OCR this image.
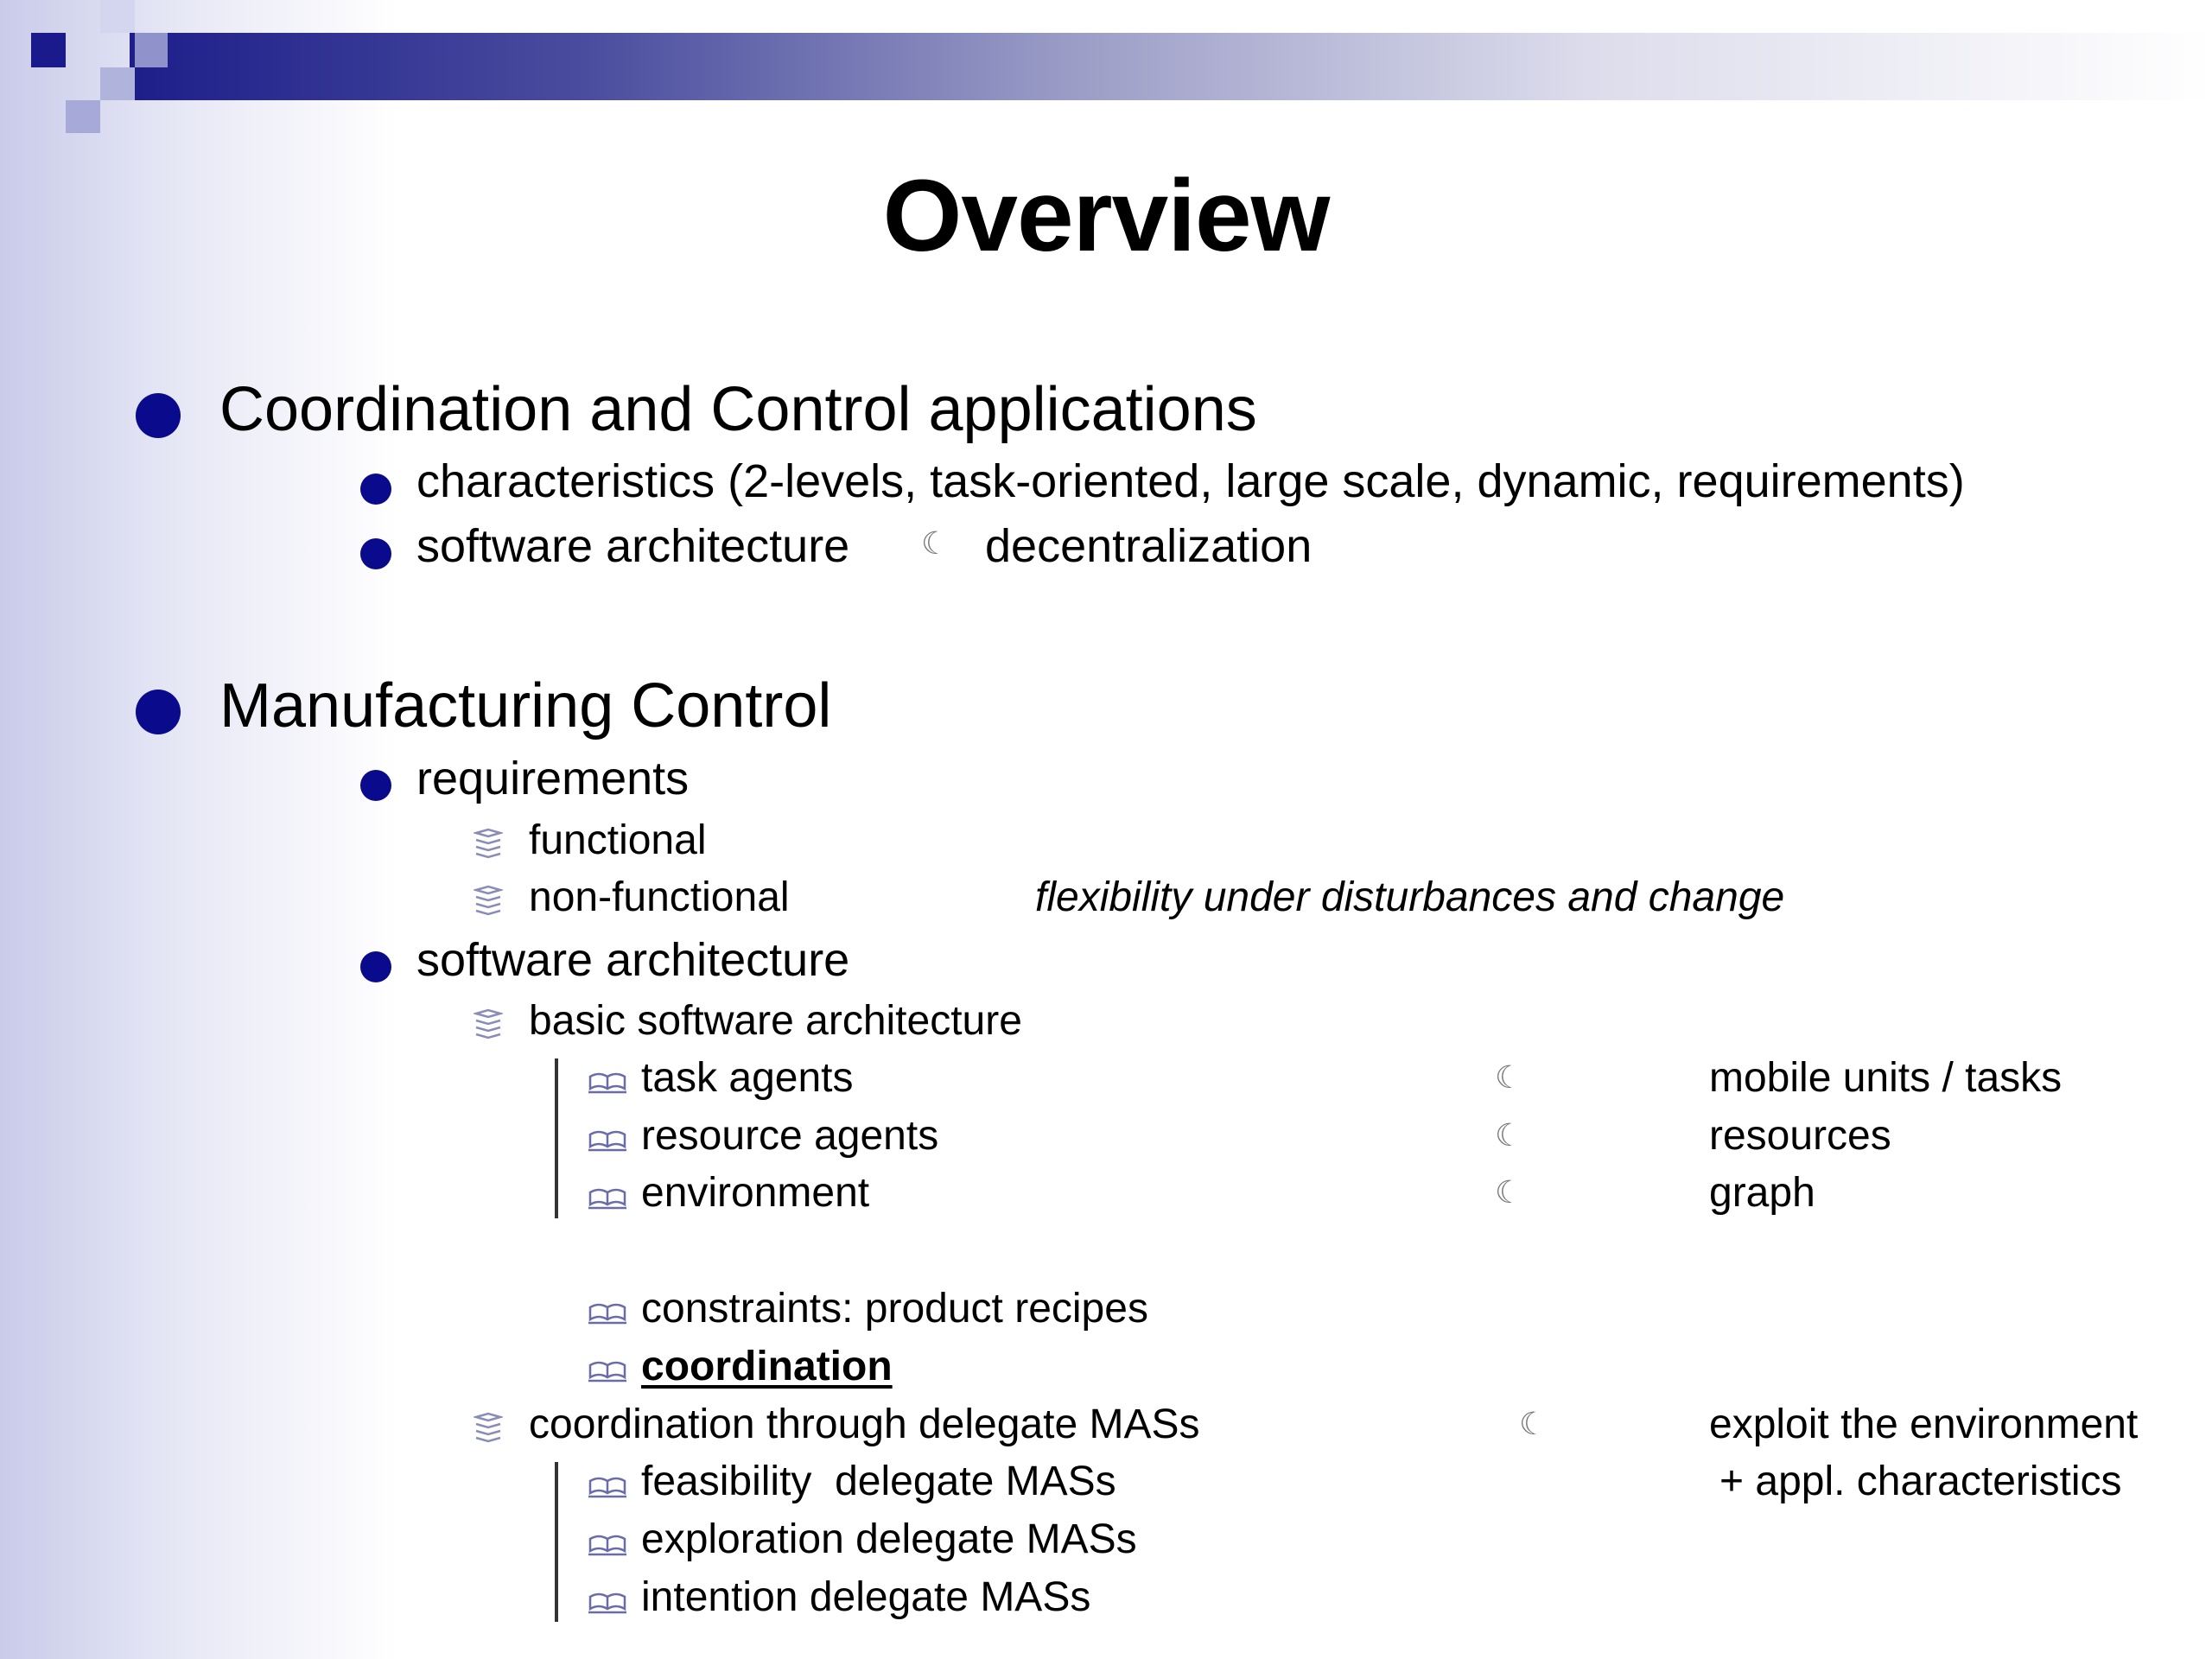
Overview
Coordination and Control applications
characteristics (2-levels, task-oriented, large scale, dynamic, requirements)
software architecture ☾ decentralization
Manufacturing Control
requirements
functional
non-functional	flexibility under disturbances and change
software architecture
basic software architecture
task agents	☾	mobile units / tasks
resource agents	☾	resources
environment	☾	graph
constraints: product recipes
coordination
coordination through delegate MASs	☾	exploit the environment
+ appl. characteristics
feasibility  delegate MASs
exploration delegate MASs
intention delegate MASs
